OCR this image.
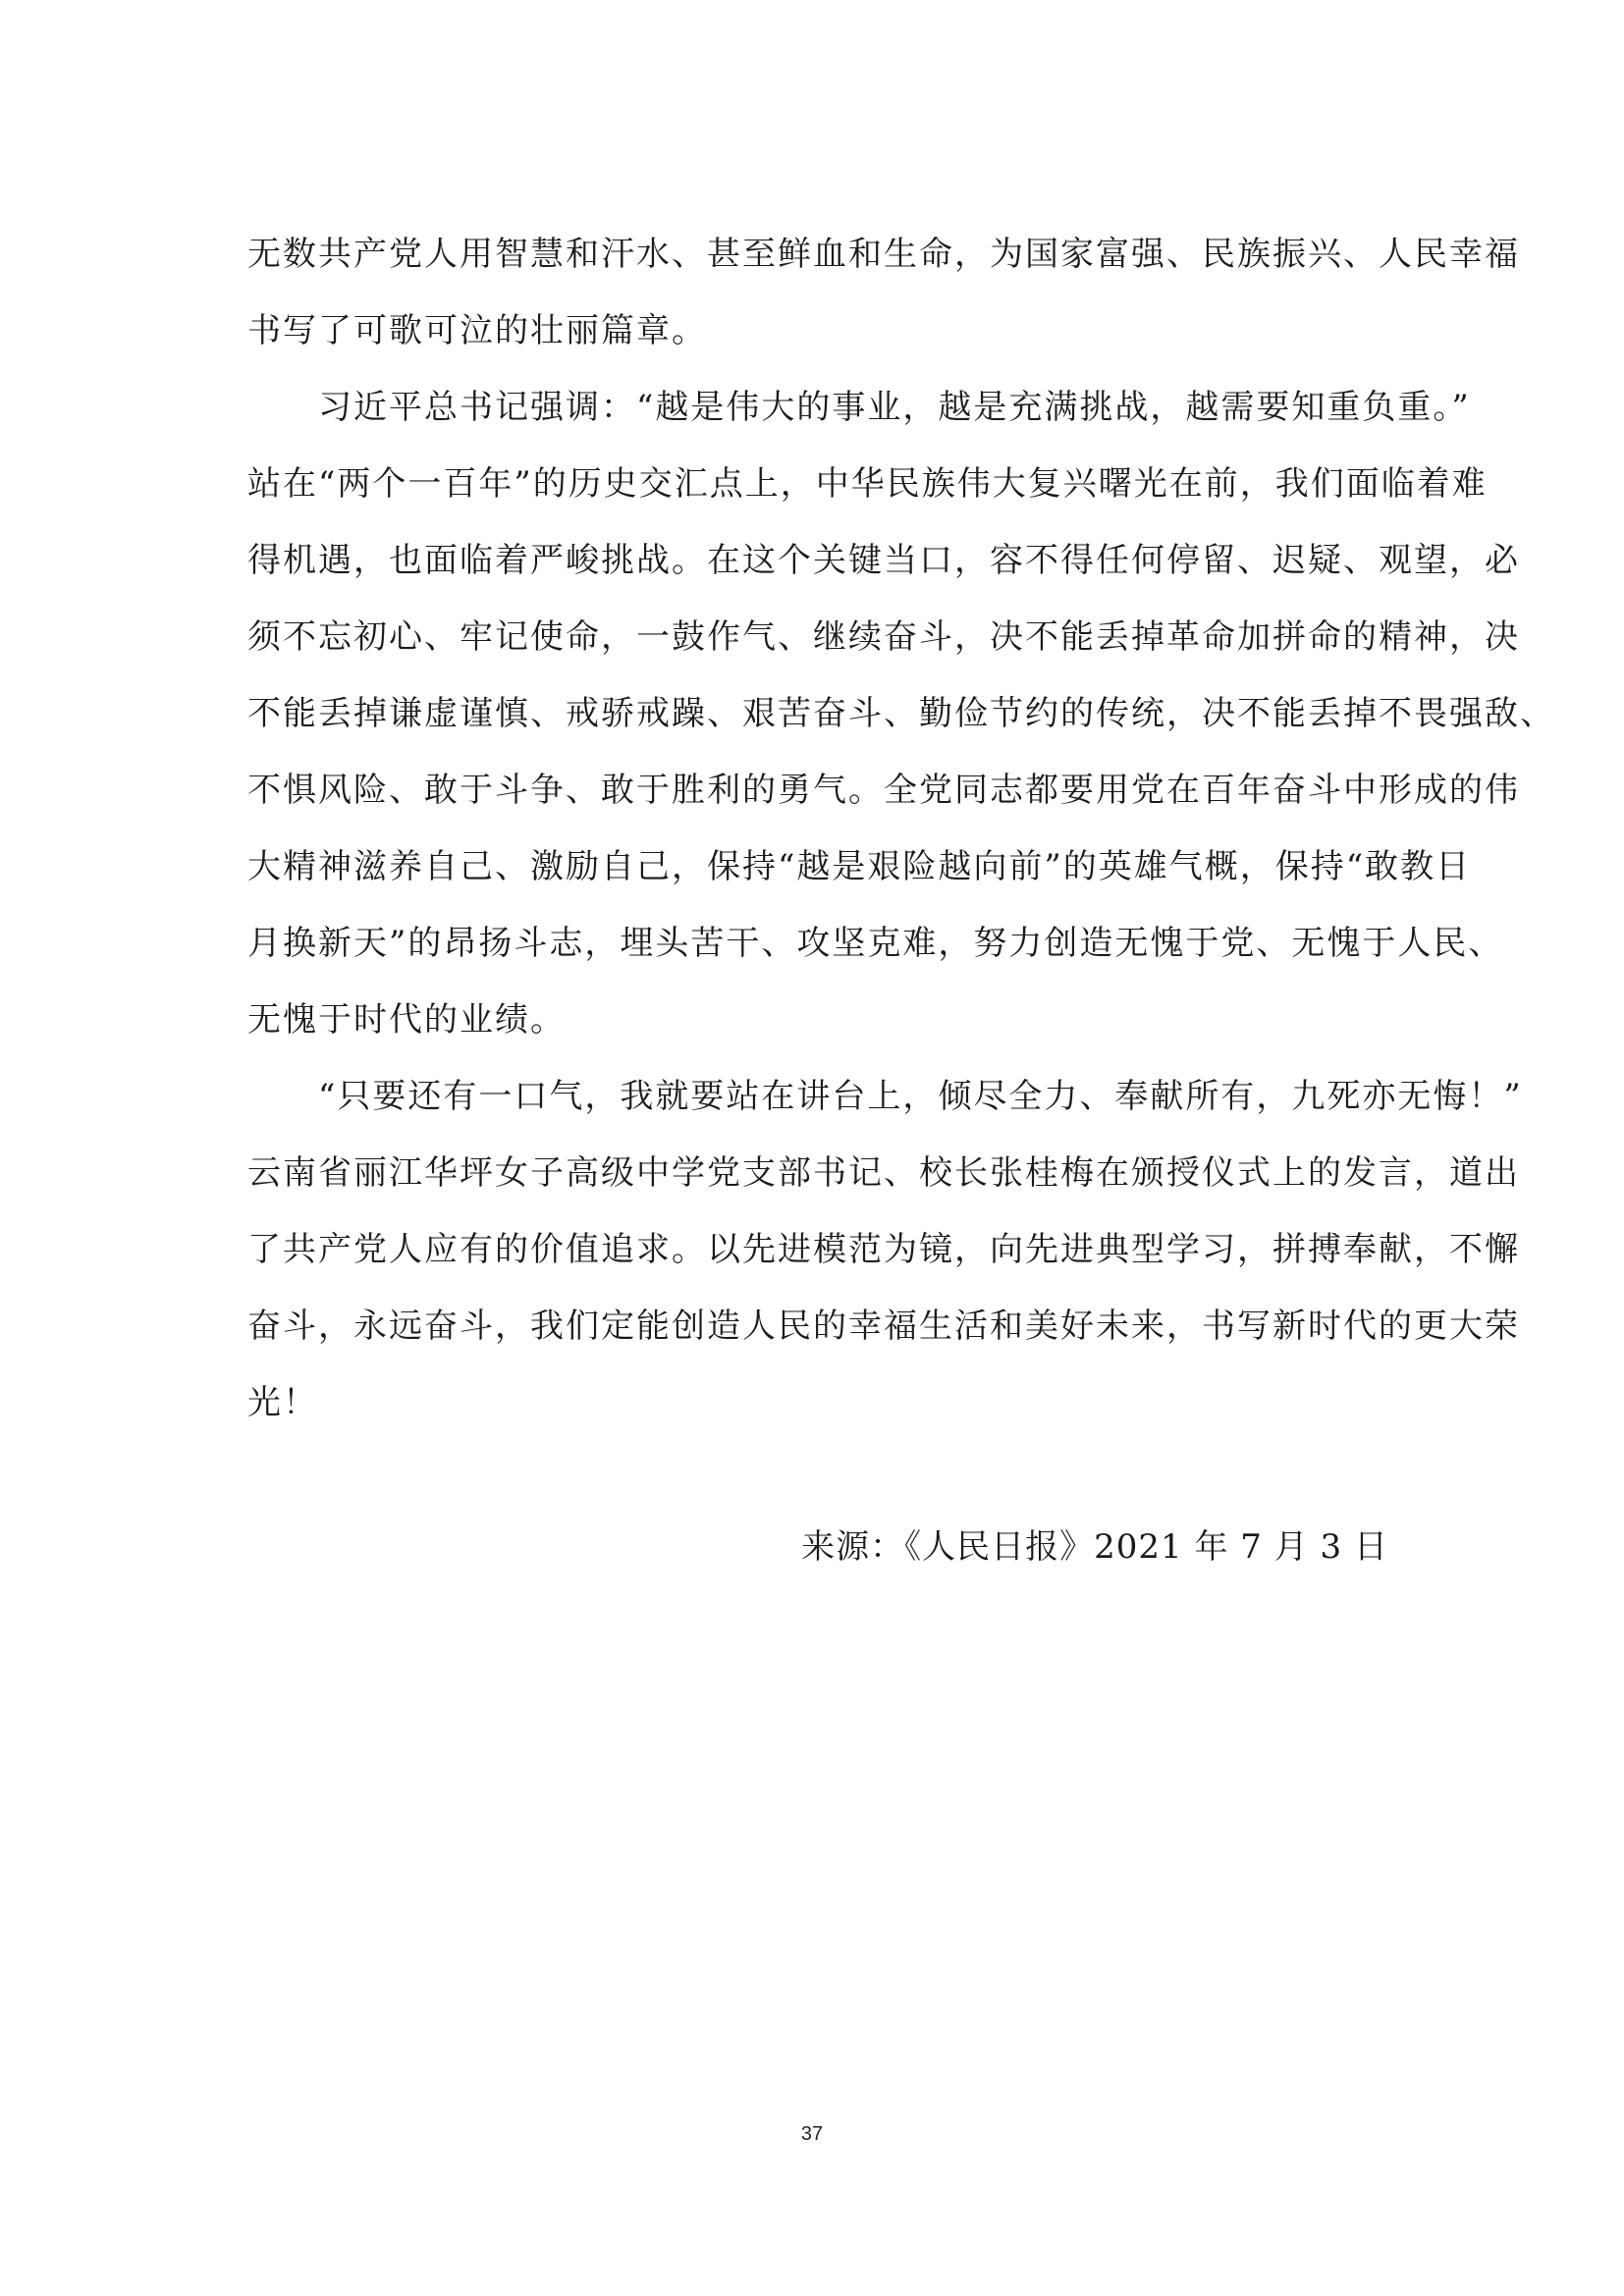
无数共产党人用智慧和汗水、甚至鲜血和生命，为国家富强、民族振兴、人民幸福
书写了可歌可泣的壮丽篇章。
　　习近平总书记强调：“越是伟大的事业，越是充满挑战，越需要知重负重。”
站在“两个一百年”的历史交汇点上，中华民族伟大复兴曙光在前，我们面临着难
得机遇，也面临着严峻挑战。在这个关键当口，容不得任何停留、迟疑、观望，必
须不忘初心、牢记使命，一鼓作气、继续奋斗，决不能丢掉革命加拼命的精神，决
不能丢掉谦虚谨慎、戒骄戒躁、艰苦奋斗、勤俭节约的传统，决不能丢掉不畏强敌、
不惧风险、敢于斗争、敢于胜利的勇气。全党同志都要用党在百年奋斗中形成的伟
大精神滋养自己、激励自己，保持“越是艰险越向前”的英雄气概，保持“敢教日
月换新天”的昂扬斗志，埋头苦干、攻坚克难，努力创造无愧于党、无愧于人民、
无愧于时代的业绩。
　　“只要还有一口气，我就要站在讲台上，倾尽全力、奉献所有，九死亦无悔！”
云南省丽江华坪女子高级中学党支部书记、校长张桂梅在颁授仪式上的发言，道出
了共产党人应有的价值追求。以先进模范为镜，向先进典型学习，拼搏奉献，不懈
奋斗，永远奋斗，我们定能创造人民的幸福生活和美好未来，书写新时代的更大荣
光！
来源：《人民日报》2021 年 7 月 3 日
37
